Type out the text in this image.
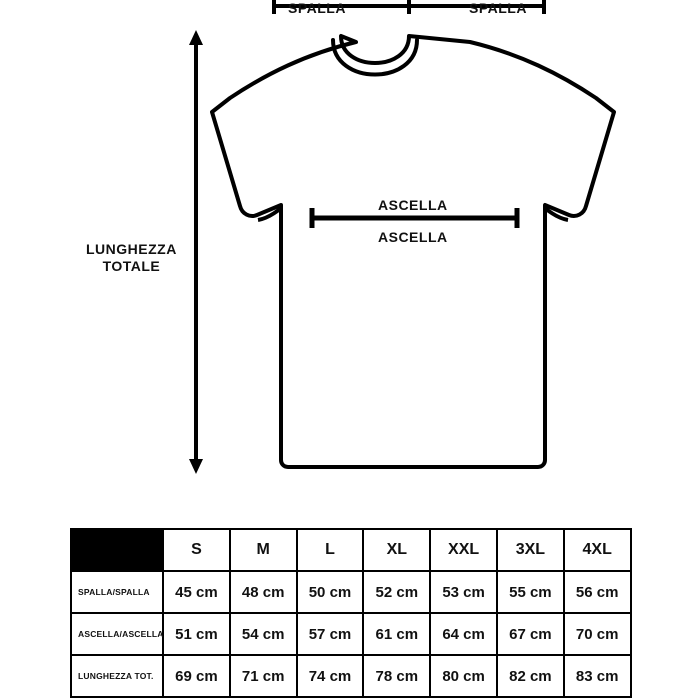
SPALLA	SPALLA
ASCELLA
ASCELLA
LUNGHEZZA
TOTALE
	S	M	L	XL	XXL	3XL	4XL
SPALLA/SPALLA	45 cm	48 cm	50 cm	52 cm	53 cm	55 cm	56 cm
ASCELLA/ASCELLA	51 cm	54 cm	57 cm	61 cm	64 cm	67 cm	70 cm
LUNGHEZZA TOT.	69 cm	71 cm	74 cm	78 cm	80 cm	82 cm	83 cm
